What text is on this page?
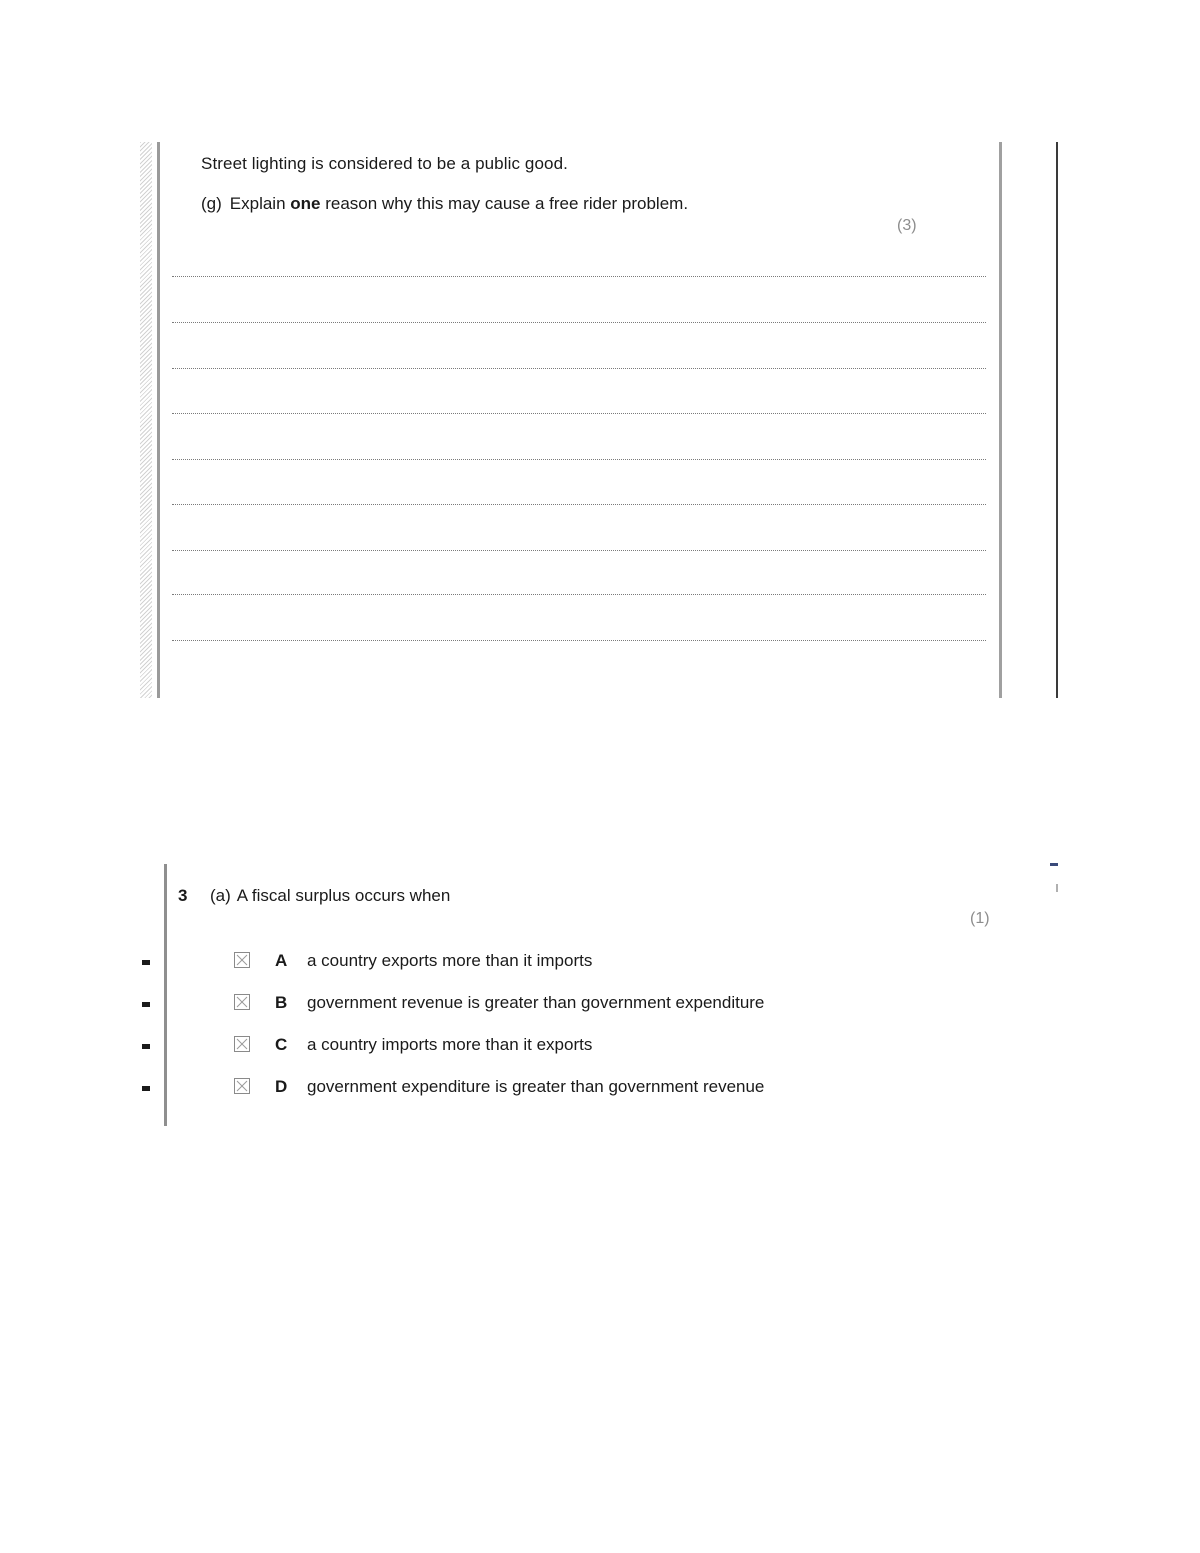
Street lighting is considered to be a public good.
(g) Explain one reason why this may cause a free rider problem.
(3)
3 (a) A fiscal surplus occurs when
(1)
A a country exports more than it imports
B government revenue is greater than government expenditure
C a country imports more than it exports
D government expenditure is greater than government revenue
